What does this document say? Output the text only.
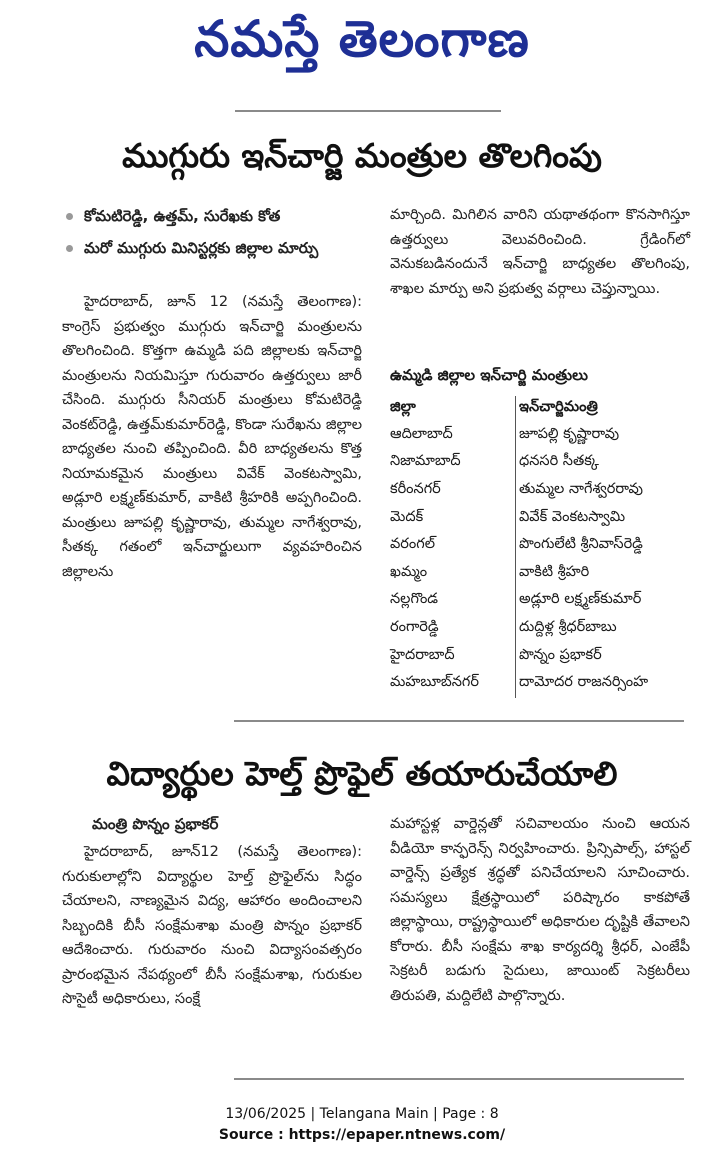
నమస్తే తెలంగాణ
ముగ్గురు ఇన్‌చార్జి మంత్రుల తొలగింపు
కోమటిరెడ్డి, ఉత్తమ్, సురేఖకు కోత
మరో ముగ్గురు మినిస్టర్లకు జిల్లాల మార్పు

హైదరాబాద్, జూన్ 12 (నమస్తే తెలంగాణ): కాంగ్రెస్ ప్రభుత్వం ముగ్గురు ఇన్‌చార్జి మంత్రులను తొలగించింది. కొత్తగా ఉమ్మడి పది జిల్లాలకు ఇన్‌చార్జి మంత్రులను నియమిస్తూ గురువారం ఉత్తర్వులు జారీ చేసింది. ముగ్గురు సీనియర్ మంత్రులు కోమటిరెడ్డి వెంకట్‌రెడ్డి, ఉత్తమ్‌కుమార్‌రెడ్డి, కొండా సురేఖను జిల్లాల బాధ్యతల నుంచి తప్పించింది. వీరి బాధ్యతలను కొత్త నియామకమైన మంత్రులు వివేక్ వెంకటస్వామి, అడ్లూరి లక్ష్మణ్‌కుమార్, వాకిటి శ్రీహరికి అప్పగించింది. మంత్రులు జూపల్లి కృష్ణారావు, తుమ్మల నాగేశ్వరావు, సీతక్క గతంలో ఇన్‌చార్జులుగా వ్యవహరించిన జిల్లాలను

మార్చింది. మిగిలిన వారిని యథాతథంగా కొనసాగిస్తూ ఉత్తర్వులు వెలువరించింది. గ్రేడింగ్‌లో వెనుకబడినందునే ఇన్‌చార్జి బాధ్యతల తొలగింపు, శాఖల మార్పు అని ప్రభుత్వ వర్గాలు చెప్తున్నాయి.

ఉమ్మడి జిల్లాల ఇన్‌చార్జి మంత్రులు
జిల్లా	ఇన్‌చార్జిమంత్రి
ఆదిలాబాద్	జూపల్లి కృష్ణారావు
నిజామాబాద్	ధనసరి సీతక్క
కరీంనగర్	తుమ్మల నాగేశ్వరరావు
మెదక్	వివేక్ వెంకటస్వామి
వరంగల్	పొంగులేటి శ్రీనివాస్‌రెడ్డి
ఖమ్మం	వాకిటి శ్రీహరి
నల్లగొండ	అడ్లూరి లక్ష్మణ్‌కుమార్
రంగారెడ్డి	దుద్దిళ్ల శ్రీధర్‌బాబు
హైదరాబాద్	పొన్నం ప్రభాకర్
మహబూబ్‌నగర్	దామోదర రాజనర్సింహ
విద్యార్థుల హెల్త్ ప్రొఫైల్ తయారుచేయాలి
మంత్రి పొన్నం ప్రభాకర్

హైదరాబాద్, జూన్12 (నమస్తే తెలంగాణ): గురుకులాల్లోని విద్యార్థుల హెల్త్ ప్రొఫైల్‌ను సిద్ధం చేయాలని, నాణ్యమైన విద్య, ఆహారం అందించాలని సిబ్బందికి బీసీ సంక్షేమశాఖ మంత్రి పొన్నం ప్రభాకర్ ఆదేశించారు. గురువారం నుంచి విద్యాసంవత్సరం ప్రారంభమైన నేపథ్యంలో బీసీ సంక్షేమశాఖ, గురుకుల సొసైటీ అధికారులు, సంక్షే

మహాస్టళ్ల వార్డెన్లతో సచివాలయం నుంచి ఆయన వీడియో కాన్ఫరెన్స్ నిర్వహించారు. ప్రిన్సిపాల్స్, హాస్టల్ వార్డెన్స్ ప్రత్యేక శ్రద్ధతో పనిచేయాలని సూచించారు. సమస్యలు క్షేత్రస్థాయిలో పరిష్కారం కాకపోతే జిల్లాస్థాయి, రాష్ట్రస్థాయిలో అధికారుల దృష్టికి తేవాలని కోరారు. బీసీ సంక్షేమ శాఖ కార్యదర్శి శ్రీధర్, ఎంజేపీ సెక్రటరీ బడుగు సైదులు, జాయింట్ సెక్రటరీలు తిరుపతి, మద్దిలేటి పాల్గొన్నారు.

13/06/2025 | Telangana Main | Page : 8
Source : https://epaper.ntnews.com/
